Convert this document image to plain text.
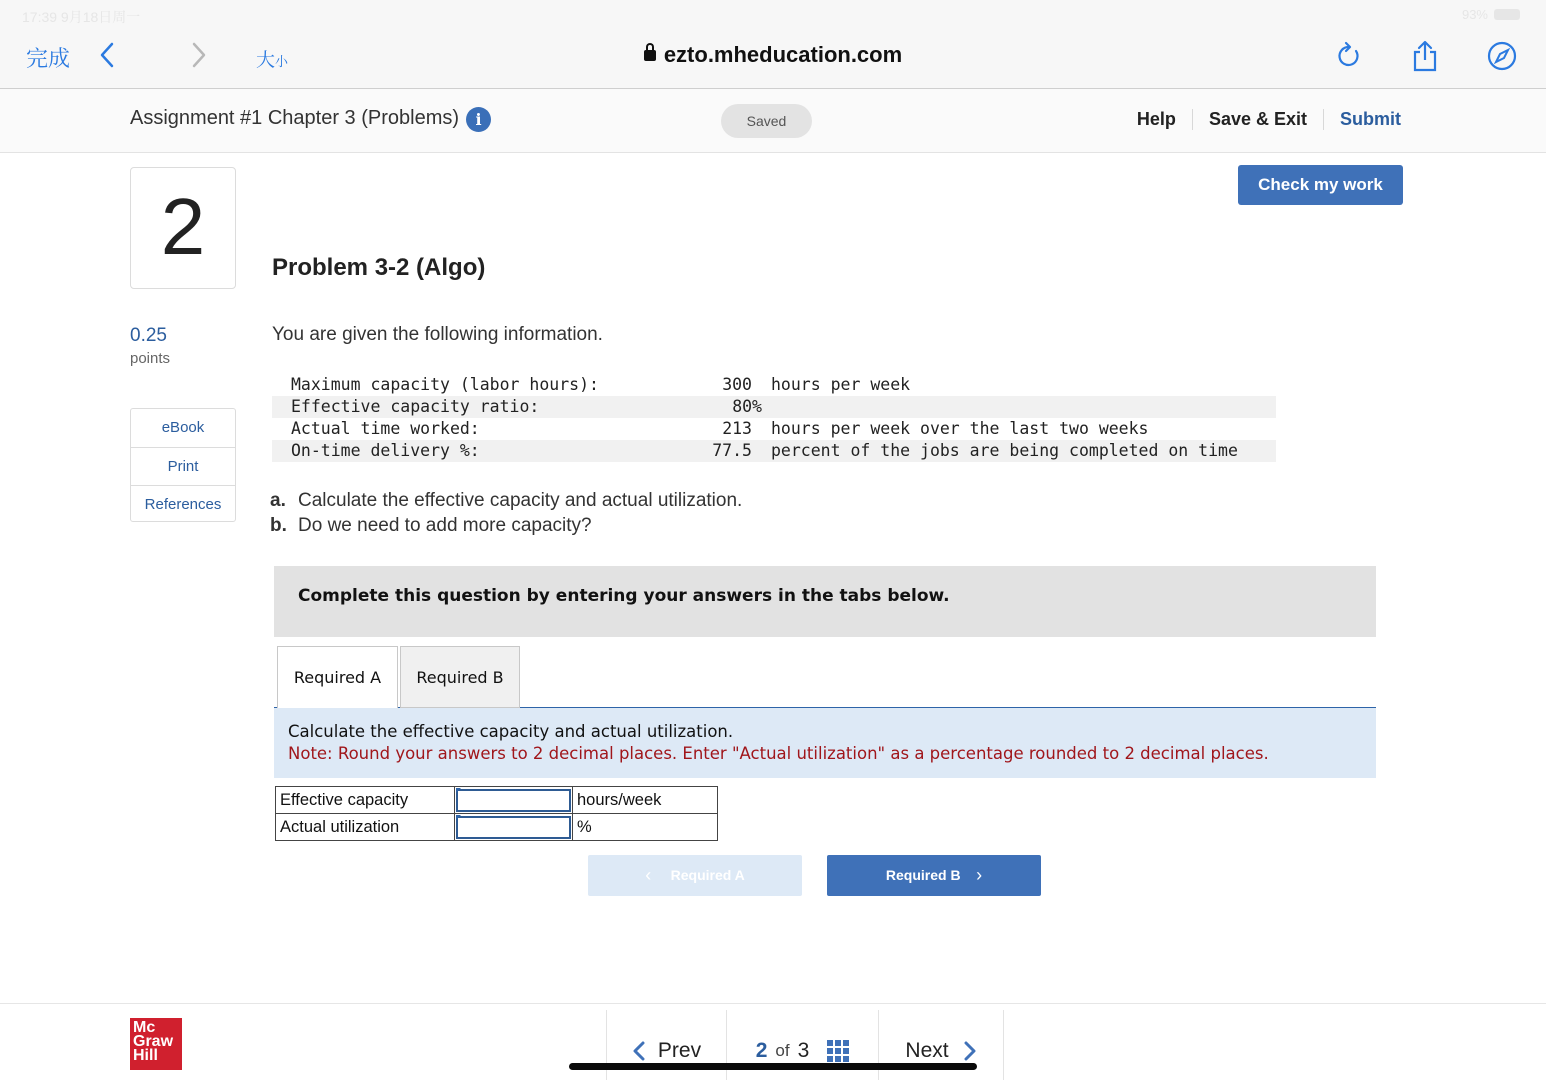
17:39 9月18日周一	93%
完成	大小	ezto.mheducation.com
Assignment #1 Chapter 3 (Problems)	Saved	Help	Save & Exit	Submit
i
2
0.25
points
eBook
Print
References
Check my work
Problem 3-2 (Algo)
You are given the following information.
Maximum capacity (labor hours):	300 hours per week
Effective capacity ratio:	80%
Actual time worked:	213 hours per week over the last two weeks
On-time delivery %:	77.5 percent of the jobs are being completed on time
a. Calculate the effective capacity and actual utilization.
b. Do we need to add more capacity?
Complete this question by entering your answers in the tabs below.
Required A	Required B
Calculate the effective capacity and actual utilization.
Note: Round your answers to 2 decimal places. Enter "Actual utilization" as a percentage rounded to 2 decimal places.
Effective capacity		hours/week
Actual utilization		%
‹ Required A	Required B ›
Mc
Graw
Hill	Prev	2 of 3	Next
